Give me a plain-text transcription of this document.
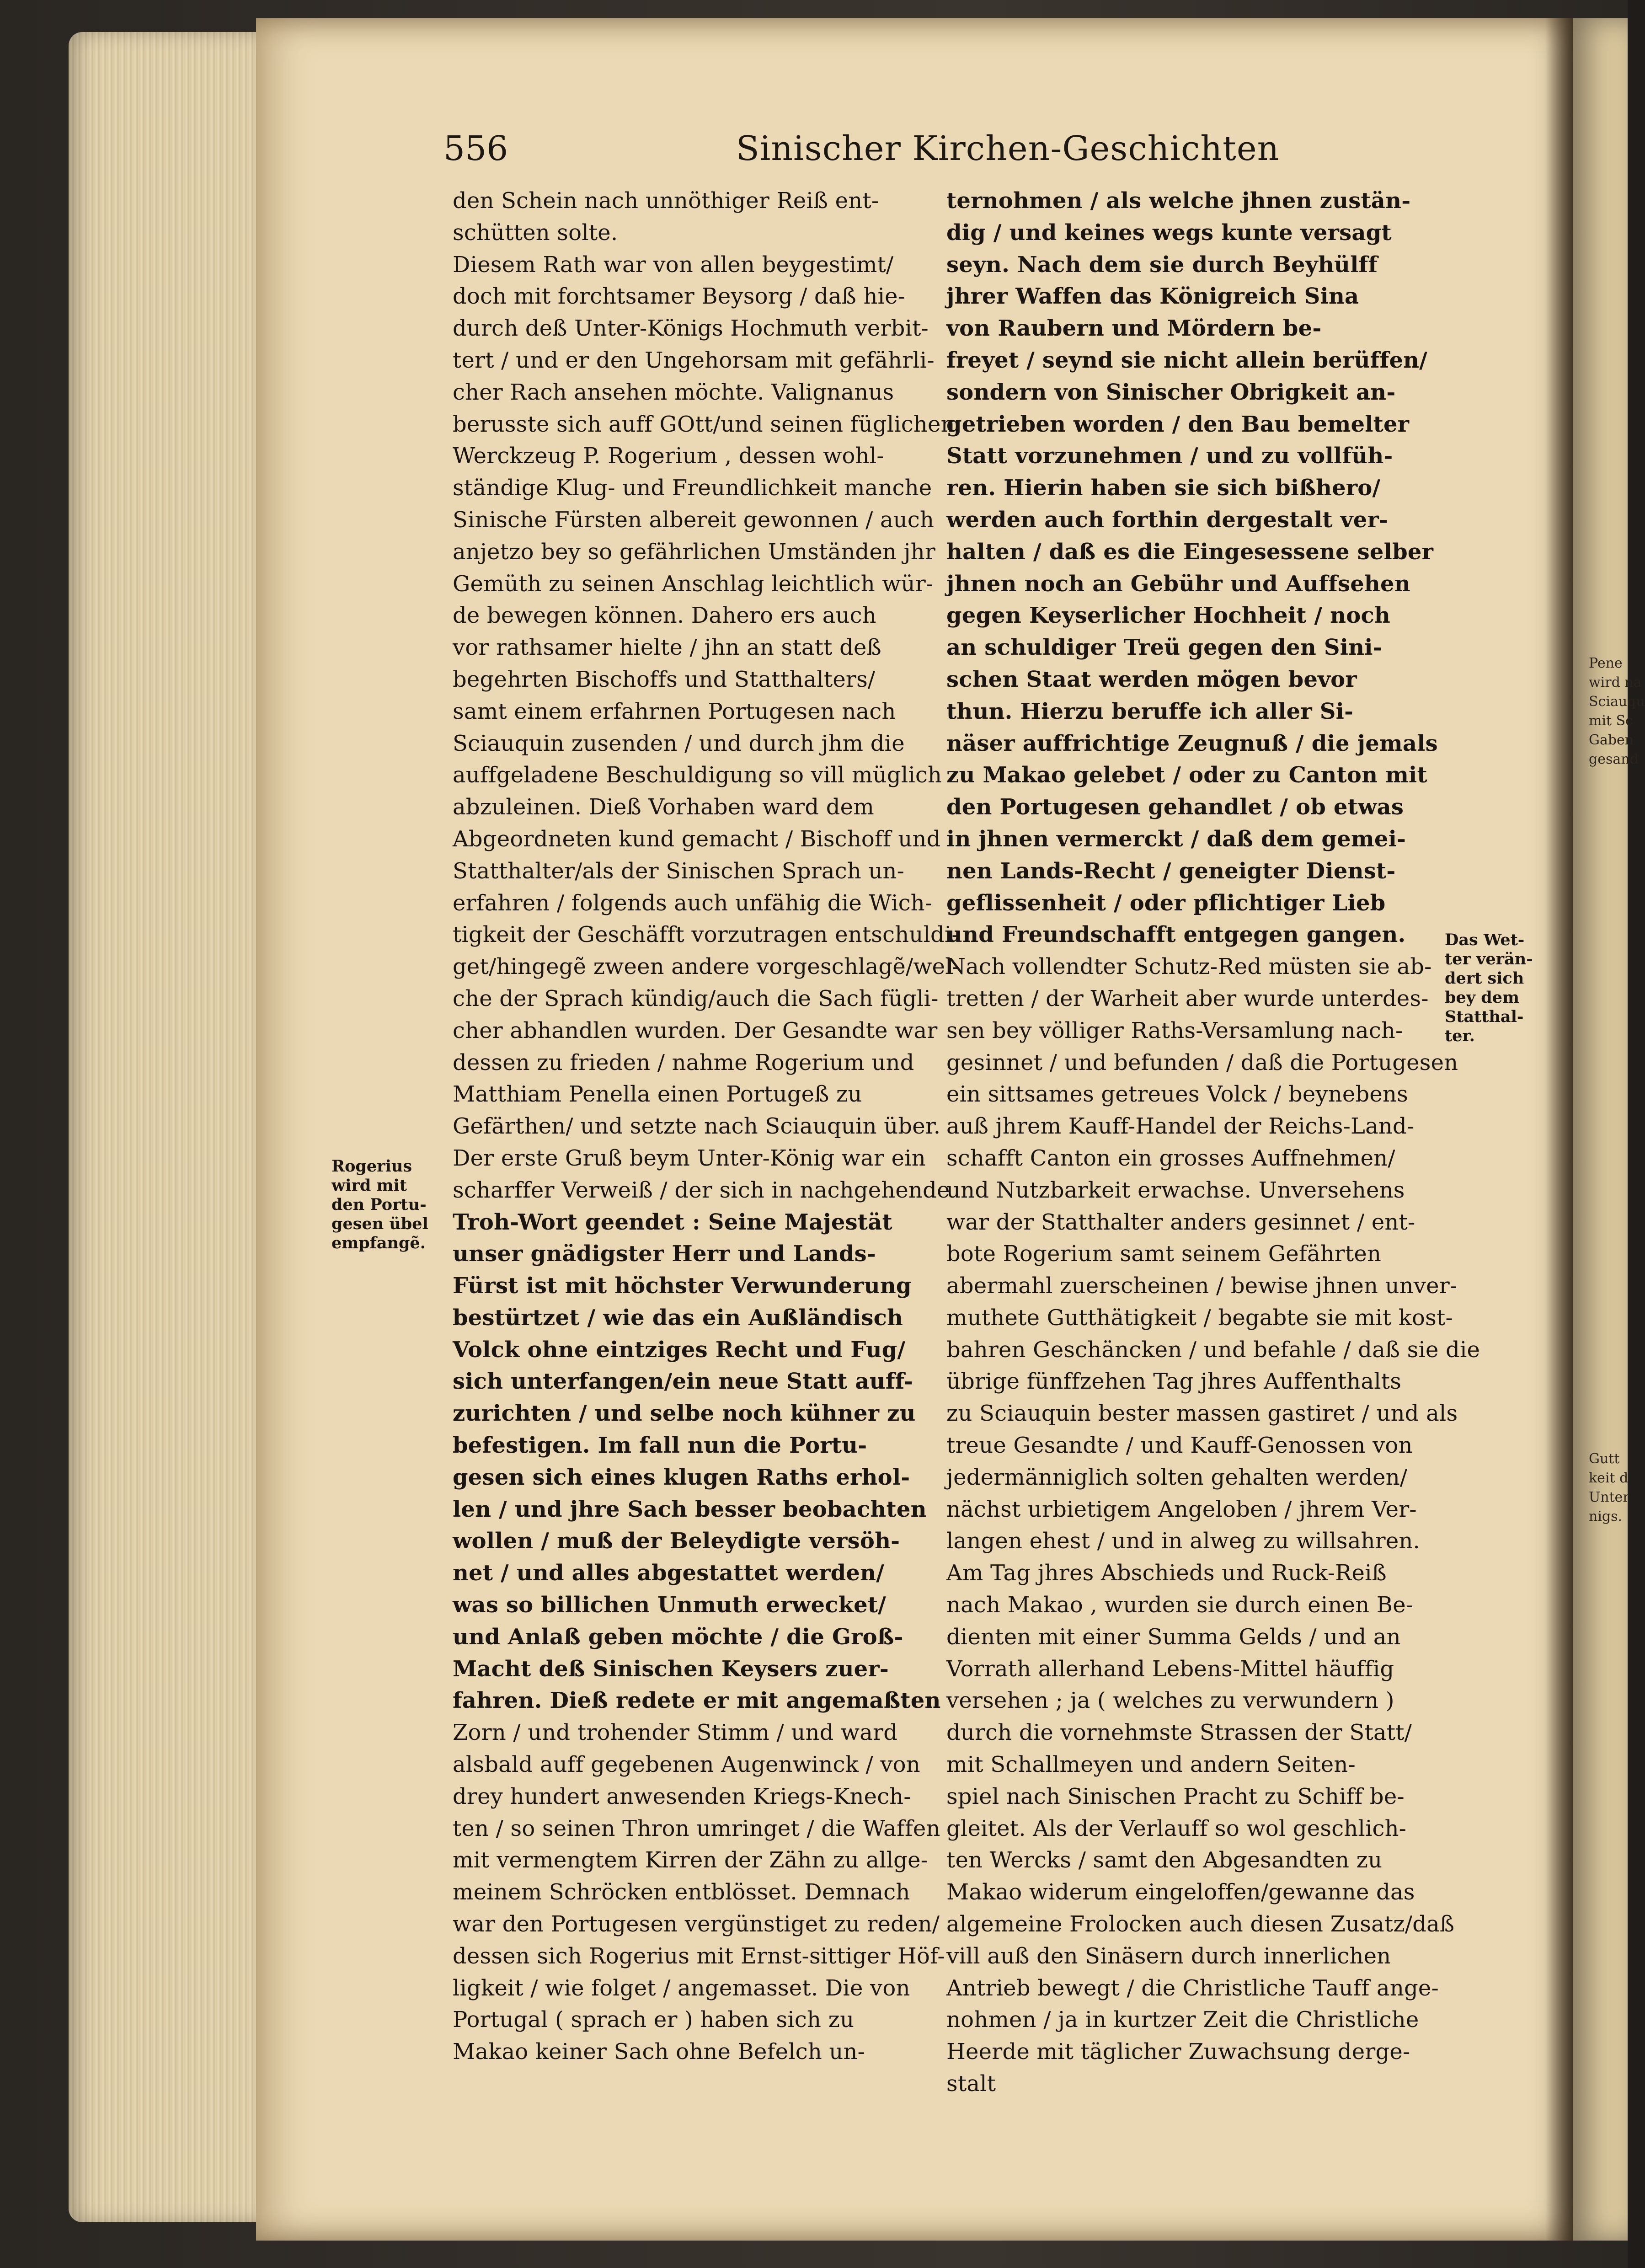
Pene
wird na
Sciauqu
mit Sc
Gaben
gesand
Gutt
keit d
Unter
nigs.
556	Sinischer Kirchen-Geschichten
den Schein nach unnöthiger Reiß ent-
schütten solte.
Diesem Rath war von allen beygestimt/
doch mit forchtsamer Beysorg / daß hie-
durch deß Unter-Königs Hochmuth verbit-
tert / und er den Ungehorsam mit gefährli-
cher Rach ansehen möchte. Valignanus
berusste sich auff GOtt/und seinen füglichen
Werckzeug P. Rogerium , dessen wohl-
ständige Klug- und Freundlichkeit manche
Sinische Fürsten albereit gewonnen / auch
anjetzo bey so gefährlichen Umständen jhr
Gemüth zu seinen Anschlag leichtlich wür-
de bewegen können. Dahero ers auch
vor rathsamer hielte / jhn an statt deß
begehrten Bischoffs und Statthalters/
samt einem erfahrnen Portugesen nach
Sciauquin zusenden / und durch jhm die
auffgeladene Beschuldigung so vill müglich
abzuleinen. Dieß Vorhaben ward dem
Abgeordneten kund gemacht / Bischoff und
Statthalter/als der Sinischen Sprach un-
erfahren / folgends auch unfähig die Wich-
tigkeit der Geschäfft vorzutragen entschuldi-
get/hingegẽ zween andere vorgeschlagẽ/wel-
che der Sprach kündig/auch die Sach fügli-
cher abhandlen wurden. Der Gesandte war
dessen zu frieden / nahme Rogerium und
Matthiam Penella einen Portugeß zu
Gefärthen/ und setzte nach Sciauquin über.
Der erste Gruß beym Unter-König war ein
scharffer Verweiß / der sich in nachgehende
Troh-Wort geendet : Seine Majestät
unser gnädigster Herr und Lands-
Fürst ist mit höchster Verwunderung
bestürtzet / wie das ein Außländisch
Volck ohne eintziges Recht und Fug/
sich unterfangen/ein neue Statt auff-
zurichten / und selbe noch kühner zu
befestigen. Im fall nun die Portu-
gesen sich eines klugen Raths erhol-
len / und jhre Sach besser beobachten
wollen / muß der Beleydigte versöh-
net / und alles abgestattet werden/
was so billichen Unmuth erwecket/
und Anlaß geben möchte / die Groß-
Macht deß Sinischen Keysers zuer-
fahren. Dieß redete er mit angemaßten
Zorn / und trohender Stimm / und ward
alsbald auff gegebenen Augenwinck / von
drey hundert anwesenden Kriegs-Knech-
ten / so seinen Thron umringet / die Waffen
mit vermengtem Kirren der Zähn zu allge-
meinem Schröcken entblösset. Demnach
war den Portugesen vergünstiget zu reden/
dessen sich Rogerius mit Ernst-sittiger Höf-
ligkeit / wie folget / angemasset. Die von
Portugal ( sprach er ) haben sich zu
Makao keiner Sach ohne Befelch un-
ternohmen / als welche jhnen zustän-
dig / und keines wegs kunte versagt
seyn. Nach dem sie durch Beyhülff
jhrer Waffen das Königreich Sina
von Raubern und Mördern be-
freyet / seynd sie nicht allein berüffen/
sondern von Sinischer Obrigkeit an-
getrieben worden / den Bau bemelter
Statt vorzunehmen / und zu vollfüh-
ren. Hierin haben sie sich bißhero/
werden auch forthin dergestalt ver-
halten / daß es die Eingesessene selber
jhnen noch an Gebühr und Auffsehen
gegen Keyserlicher Hochheit / noch
an schuldiger Treü gegen den Sini-
schen Staat werden mögen bevor
thun. Hierzu beruffe ich aller Si-
näser auffrichtige Zeugnuß / die jemals
zu Makao gelebet / oder zu Canton mit
den Portugesen gehandlet / ob etwas
in jhnen vermerckt / daß dem gemei-
nen Lands-Recht / geneigter Dienst-
geflissenheit / oder pflichtiger Lieb
und Freundschafft entgegen gangen.
Nach vollendter Schutz-Red müsten sie ab-
tretten / der Warheit aber wurde unterdes-
sen bey völliger Raths-Versamlung nach-
gesinnet / und befunden / daß die Portugesen
ein sittsames getreues Volck / beynebens
auß jhrem Kauff-Handel der Reichs-Land-
schafft Canton ein grosses Auffnehmen/
und Nutzbarkeit erwachse. Unversehens
war der Statthalter anders gesinnet / ent-
bote Rogerium samt seinem Gefährten
abermahl zuerscheinen / bewise jhnen unver-
muthete Gutthätigkeit / begabte sie mit kost-
bahren Geschäncken / und befahle / daß sie die
übrige fünffzehen Tag jhres Auffenthalts
zu Sciauquin bester massen gastiret / und als
treue Gesandte / und Kauff-Genossen von
jedermänniglich solten gehalten werden/
nächst urbietigem Angeloben / jhrem Ver-
langen ehest / und in alweg zu willsahren.
Am Tag jhres Abschieds und Ruck-Reiß
nach Makao , wurden sie durch einen Be-
dienten mit einer Summa Gelds / und an
Vorrath allerhand Lebens-Mittel häuffig
versehen ; ja ( welches zu verwundern )
durch die vornehmste Strassen der Statt/
mit Schallmeyen und andern Seiten-
spiel nach Sinischen Pracht zu Schiff be-
gleitet. Als der Verlauff so wol geschlich-
ten Wercks / samt den Abgesandten zu
Makao widerum eingeloffen/gewanne das
algemeine Frolocken auch diesen Zusatz/daß
vill auß den Sinäsern durch innerlichen
Antrieb bewegt / die Christliche Tauff ange-
nohmen / ja in kurtzer Zeit die Christliche
Heerde mit täglicher Zuwachsung derge-
stalt
Rogerius
wird mit
den Portu-
gesen übel
empfangẽ.
Das Wet-
ter verän-
dert sich
bey dem
Statthal-
ter.
